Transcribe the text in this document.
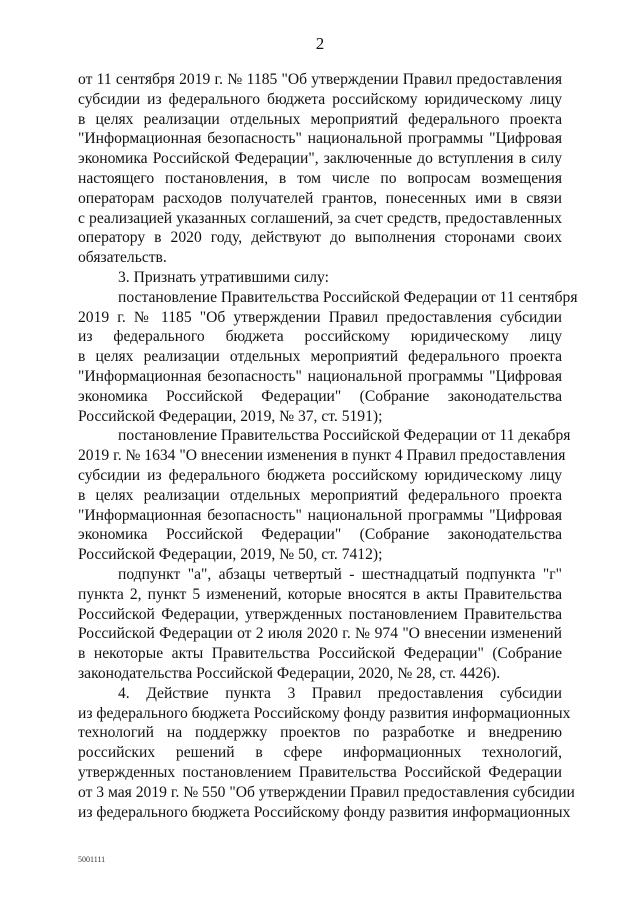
2
от 11 сентября 2019 г. № 1185 "Об утверждении Правил предоставления
субсидии из федерального бюджета российскому юридическому лицу
в целях реализации отдельных мероприятий федерального проекта
"Информационная безопасность" национальной программы "Цифровая
экономика Российской Федерации", заключенные до вступления в силу
настоящего постановления, в том числе по вопросам возмещения
операторам расходов получателей грантов, понесенных ими в связи
с реализацией указанных соглашений, за счет средств, предоставленных
оператору в 2020 году, действуют до выполнения сторонами своих
обязательств.
3. Признать утратившими силу:
постановление Правительства Российской Федерации от 11 сентября
2019 г. № 1185 "Об утверждении Правил предоставления субсидии
из федерального бюджета российскому юридическому лицу
в целях реализации отдельных мероприятий федерального проекта
"Информационная безопасность" национальной программы "Цифровая
экономика Российской Федерации" (Собрание законодательства
Российской Федерации, 2019, № 37, ст. 5191);
постановление Правительства Российской Федерации от 11 декабря
2019 г. № 1634 "О внесении изменения в пункт 4 Правил предоставления
субсидии из федерального бюджета российскому юридическому лицу
в целях реализации отдельных мероприятий федерального проекта
"Информационная безопасность" национальной программы "Цифровая
экономика Российской Федерации" (Собрание законодательства
Российской Федерации, 2019, № 50, ст. 7412);
подпункт "а", абзацы четвертый - шестнадцатый подпункта "г"
пункта 2, пункт 5 изменений, которые вносятся в акты Правительства
Российской Федерации, утвержденных постановлением Правительства
Российской Федерации от 2 июля 2020 г. № 974 "О внесении изменений
в некоторые акты Правительства Российской Федерации" (Собрание
законодательства Российской Федерации, 2020, № 28, ст. 4426).
4. Действие пункта 3 Правил предоставления субсидии
из федерального бюджета Российскому фонду развития информационных
технологий на поддержку проектов по разработке и внедрению
российских решений в сфере информационных технологий,
5001111
утвержденных постановлением Правительства Российской Федерации
от 3 мая 2019 г. № 550 "Об утверждении Правил предоставления субсидии
из федерального бюджета Российскому фонду развития информационных
